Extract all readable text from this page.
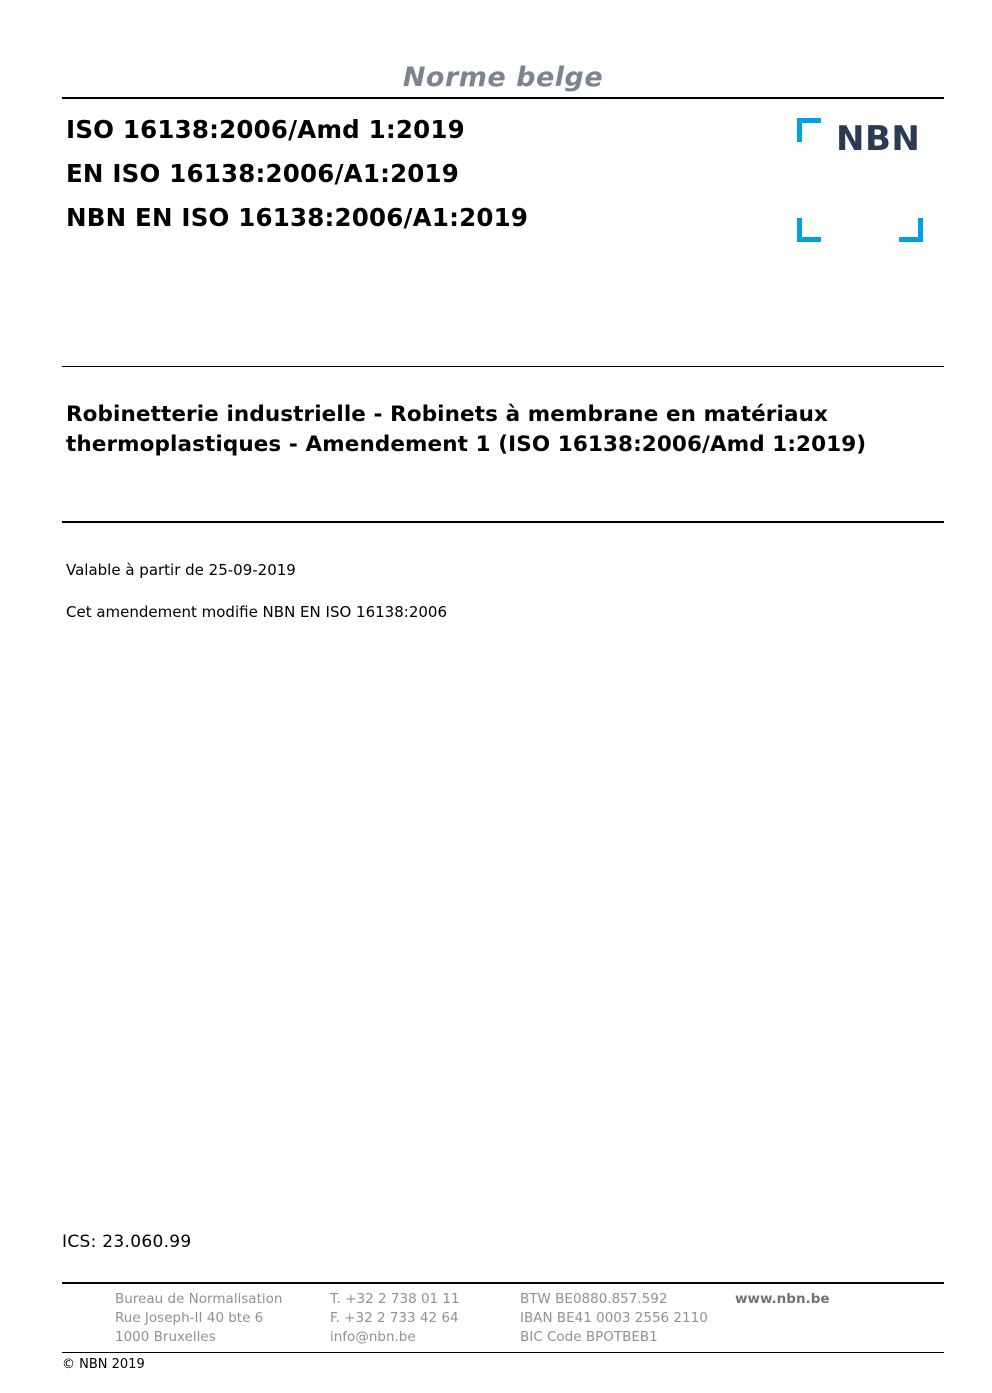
Norme belge
ISO 16138:2006/Amd 1:2019
EN ISO 16138:2006/A1:2019
NBN EN ISO 16138:2006/A1:2019
NBN
Robinetterie industrielle - Robinets à membrane en matériaux thermoplastiques - Amendement 1 (ISO 16138:2006/Amd 1:2019)
Valable à partir de 25-09-2019
Cet amendement modifie NBN EN ISO 16138:2006
ICS: 23.060.99
Bureau de Normalisation
Rue Joseph-II 40 bte 6
1000 Bruxelles
T. +32 2 738 01 11
F. +32 2 733 42 64
info@nbn.be
BTW BE0880.857.592
IBAN BE41 0003 2556 2110
BIC Code BPOTBEB1
www.nbn.be
© NBN 2019
